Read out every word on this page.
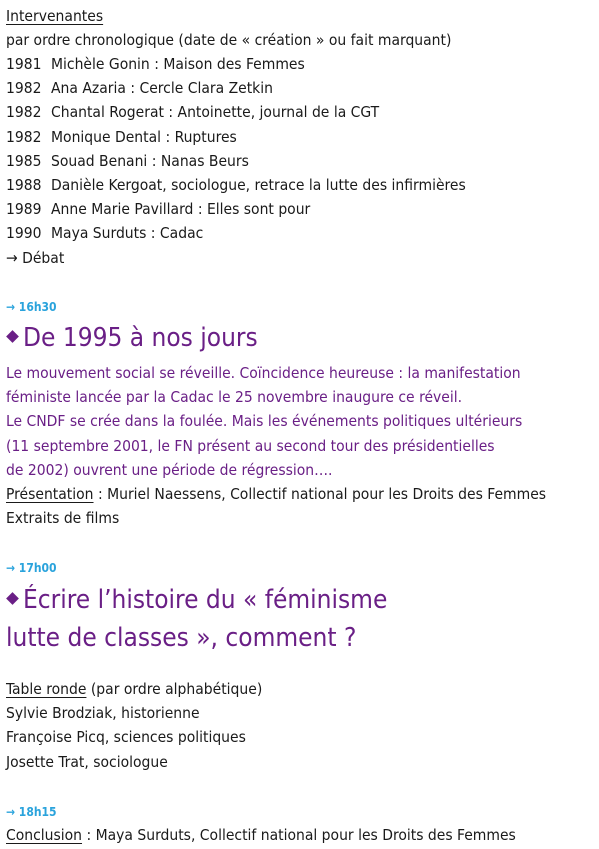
Intervenantes
par ordre chronologique (date de « création » ou fait marquant)
1981 Michèle Gonin : Maison des Femmes
1982 Ana Azaria : Cercle Clara Zetkin
1982 Chantal Rogerat : Antoinette, journal de la CGT
1982 Monique Dental : Ruptures
1985 Souad Benani : Nanas Beurs
1988 Danièle Kergoat, sociologue, retrace la lutte des infirmières
1989 Anne Marie Pavillard : Elles sont pour
1990 Maya Surduts : Cadac
→ Débat
→ 16h30
De 1995 à nos jours
Le mouvement social se réveille. Coïncidence heureuse : la manifestation
féministe lancée par la Cadac le 25 novembre inaugure ce réveil.
Le CNDF se crée dans la foulée. Mais les événements politiques ultérieurs
(11 septembre 2001, le FN présent au second tour des présidentielles
de 2002) ouvrent une période de régression….
Présentation : Muriel Naessens, Collectif national pour les Droits des Femmes
Extraits de films
→ 17h00
Écrire l’histoire du « féminisme
lutte de classes », comment ?
Table ronde (par ordre alphabétique)
Sylvie Brodziak, historienne
Françoise Picq, sciences politiques
Josette Trat, sociologue
→ 18h15
Conclusion : Maya Surduts, Collectif national pour les Droits des Femmes
